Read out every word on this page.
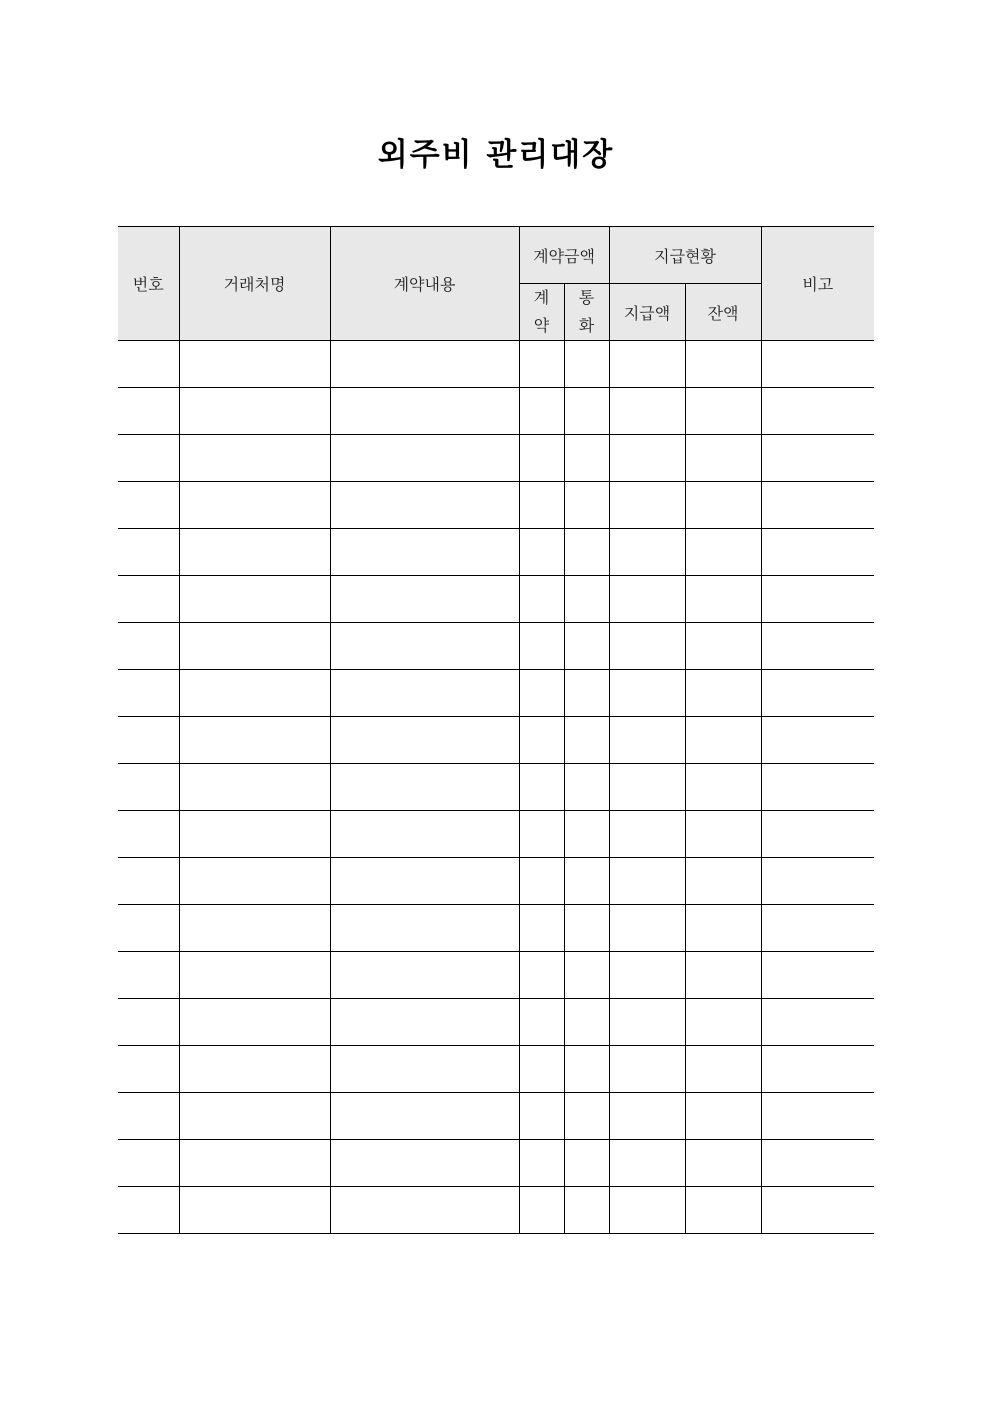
외주비 관리대장
번호	거래처명	계약내용	계약금액		지급현황		비고
			계약	통화	지급액	잔액	
